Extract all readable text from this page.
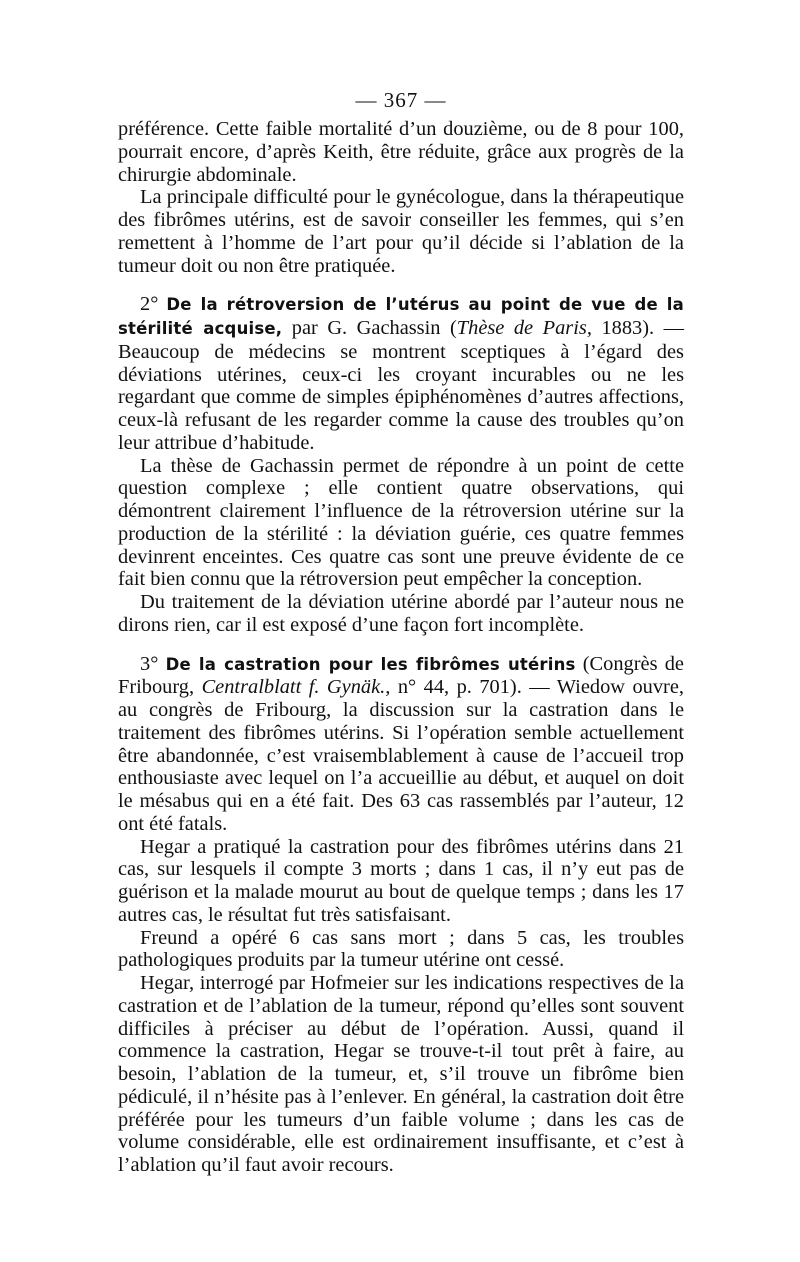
— 367 —

préférence. Cette faible mortalité d’un douzième, ou de 8 pour 100, pourrait encore, d’après Keith, être réduite, grâce aux progrès de la chirurgie abdominale.

La principale difficulté pour le gynécologue, dans la thérapeutique des fibrômes utérins, est de savoir conseiller les femmes, qui s’en remettent à l’homme de l’art pour qu’il décide si l’ablation de la tumeur doit ou non être pratiquée.

2° De la rétroversion de l’utérus au point de vue de la stérilité acquise, par G. Gachassin (Thèse de Paris, 1883). — Beaucoup de médecins se montrent sceptiques à l’égard des déviations utérines, ceux-ci les croyant incurables ou ne les regardant que comme de simples épiphénomènes d’autres affections, ceux-là refusant de les regarder comme la cause des troubles qu’on leur attribue d’habitude.

La thèse de Gachassin permet de répondre à un point de cette question complexe ; elle contient quatre observations, qui démontrent clairement l’influence de la rétroversion utérine sur la production de la stérilité : la déviation guérie, ces quatre femmes devinrent enceintes. Ces quatre cas sont une preuve évidente de ce fait bien connu que la rétroversion peut empêcher la conception.

Du traitement de la déviation utérine abordé par l’auteur nous ne dirons rien, car il est exposé d’une façon fort incomplète.

3° De la castration pour les fibrômes utérins (Congrès de Fribourg, Centralblatt f. Gynäk., n° 44, p. 701). — Wiedow ouvre, au congrès de Fribourg, la discussion sur la castration dans le traitement des fibrômes utérins. Si l’opération semble actuellement être abandonnée, c’est vraisemblablement à cause de l’accueil trop enthousiaste avec lequel on l’a accueillie au début, et auquel on doit le mésabus qui en a été fait. Des 63 cas rassemblés par l’auteur, 12 ont été fatals.

Hegar a pratiqué la castration pour des fibrômes utérins dans 21 cas, sur lesquels il compte 3 morts ; dans 1 cas, il n’y eut pas de guérison et la malade mourut au bout de quelque temps ; dans les 17 autres cas, le résultat fut très satisfaisant.

Freund a opéré 6 cas sans mort ; dans 5 cas, les troubles pathologiques produits par la tumeur utérine ont cessé.

Hegar, interrogé par Hofmeier sur les indications respectives de la castration et de l’ablation de la tumeur, répond qu’elles sont souvent difficiles à préciser au début de l’opération. Aussi, quand il commence la castration, Hegar se trouve-t-il tout prêt à faire, au besoin, l’ablation de la tumeur, et, s’il trouve un fibrôme bien pédiculé, il n’hésite pas à l’enlever. En général, la castration doit être préférée pour les tumeurs d’un faible volume ; dans les cas de volume considérable, elle est ordinairement insuffisante, et c’est à l’ablation qu’il faut avoir recours.
